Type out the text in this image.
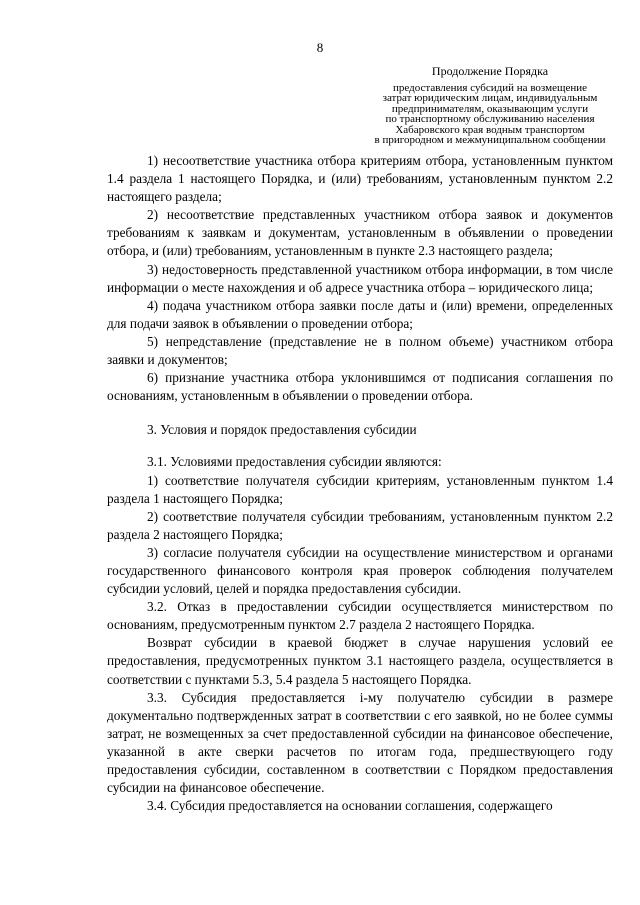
8
Продолжение Порядка
предоставления субсидий на возмещение
затрат юридическим лицам, индивидуальным
предпринимателям, оказывающим услуги
по транспортному обслуживанию населения
Хабаровского края водным транспортом
в пригородном и межмуниципальном сообщении

1) несоответствие участника отбора критериям отбора, установленным пунктом 1.4 раздела 1 настоящего Порядка, и (или) требованиям, установленным пунктом 2.2 настоящего раздела;

2) несоответствие представленных участником отбора заявок и документов требованиям к заявкам и документам, установленным в объявлении о проведении отбора, и (или) требованиям, установленным в пункте 2.3 настоящего раздела;

3) недостоверность представленной участником отбора информации, в том числе информации о месте нахождения и об адресе участника отбора – юридического лица;

4) подача участником отбора заявки после даты и (или) времени, определенных для подачи заявок в объявлении о проведении отбора;

5) непредставление (представление не в полном объеме) участником отбора заявки и документов;

6) признание участника отбора уклонившимся от подписания соглашения по основаниям, установленным в объявлении о проведении отбора.

3. Условия и порядок предоставления субсидии

3.1. Условиями предоставления субсидии являются:

1) соответствие получателя субсидии критериям, установленным пунктом 1.4 раздела 1 настоящего Порядка;

2) соответствие получателя субсидии требованиям, установленным пунктом 2.2 раздела 2 настоящего Порядка;

3) согласие получателя субсидии на осуществление министерством и органами государственного финансового контроля края проверок соблюдения получателем субсидии условий, целей и порядка предоставления субсидии.

3.2. Отказ в предоставлении субсидии осуществляется министерством по основаниям, предусмотренным пунктом 2.7 раздела 2 настоящего Порядка.

Возврат субсидии в краевой бюджет в случае нарушения условий ее предоставления, предусмотренных пунктом 3.1 настоящего раздела, осуществляется в соответствии с пунктами 5.3, 5.4 раздела 5 настоящего Порядка.

3.3. Субсидия предоставляется i-му получателю субсидии в размере документально подтвержденных затрат в соответствии с его заявкой, но не более суммы затрат, не возмещенных за счет предоставленной субсидии на финансовое обеспечение, указанной в акте сверки расчетов по итогам года, предшествующего году предоставления субсидии, составленном в соответствии с Порядком предоставления субсидии на финансовое обеспечение.

3.4. Субсидия предоставляется на основании соглашения, содержащего
